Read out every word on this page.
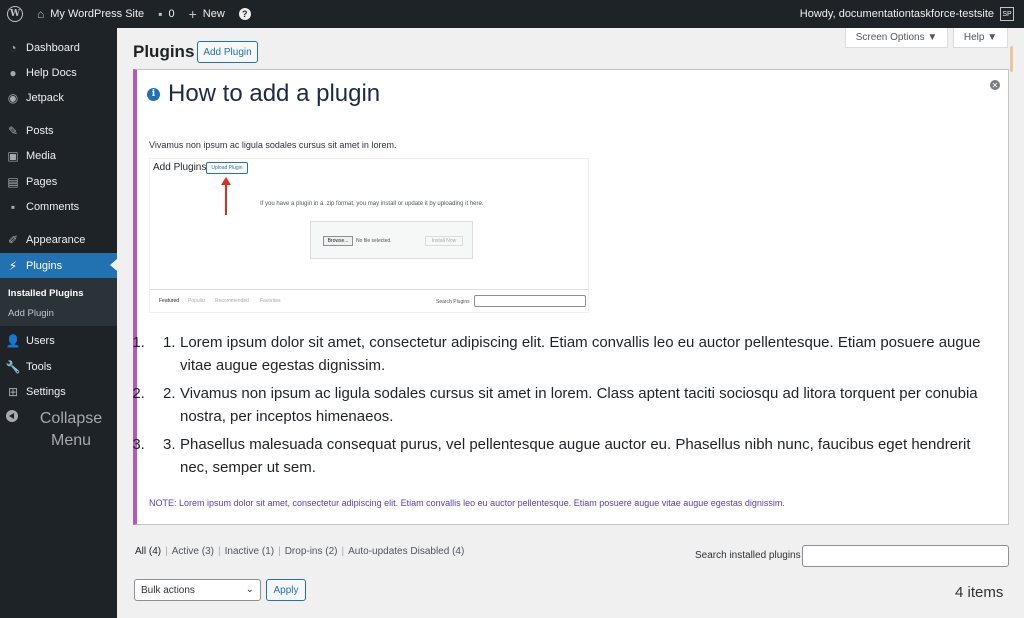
W ⌂ My WordPress Site ▪ 0 + New	?	Howdy, documentationtaskforce-testsite	SP
◔ Dashboard
● Help Docs
◉ Jetpack
✎ Posts
▣ Media
▤ Pages
▪ Comments
✐ Appearance
⚡ Plugins
Installed Plugins
Add Plugin
👤 Users
🔧 Tools
⊞ Settings
Collapse Menu
Plugins Add Plugin
Screen Options ▼	Help ▼
i How to add a plugin	✕

Vivamus non ipsum ac ligula sodales cursus sit amet in lorem.

Add Plugins	Upload Plugin
If you have a plugin in a .zip format, you may install or update it by uploading it here.
Browse...	No file selected.	Install Now
Featured Popular Recommended Favorites	Search Plugins
1. 1. Lorem ipsum dolor sit amet, consectetur adipiscing elit. Etiam convallis leo eu auctor pellentesque. Etiam posuere augue vitae augue egestas dignissim.
2. 2. Vivamus non ipsum ac ligula sodales cursus sit amet in lorem. Class aptent taciti sociosqu ad litora torquent per conubia nostra, per inceptos himenaeos.
3. 3. Phasellus malesuada consequat purus, vel pellentesque augue auctor eu. Phasellus nibh nunc, faucibus eget hendrerit nec, semper ut sem.

NOTE: Lorem ipsum dolor sit amet, consectetur adipiscing elit. Etiam convallis leo eu auctor pellentesque. Etiam posuere augue vitae augue egestas dignissim.

All (4) | Active (3) | Inactive (1) | Drop-ins (2) | Auto-updates Disabled (4)	Search installed plugins
Bulk actions	⌄	Apply	4 items
